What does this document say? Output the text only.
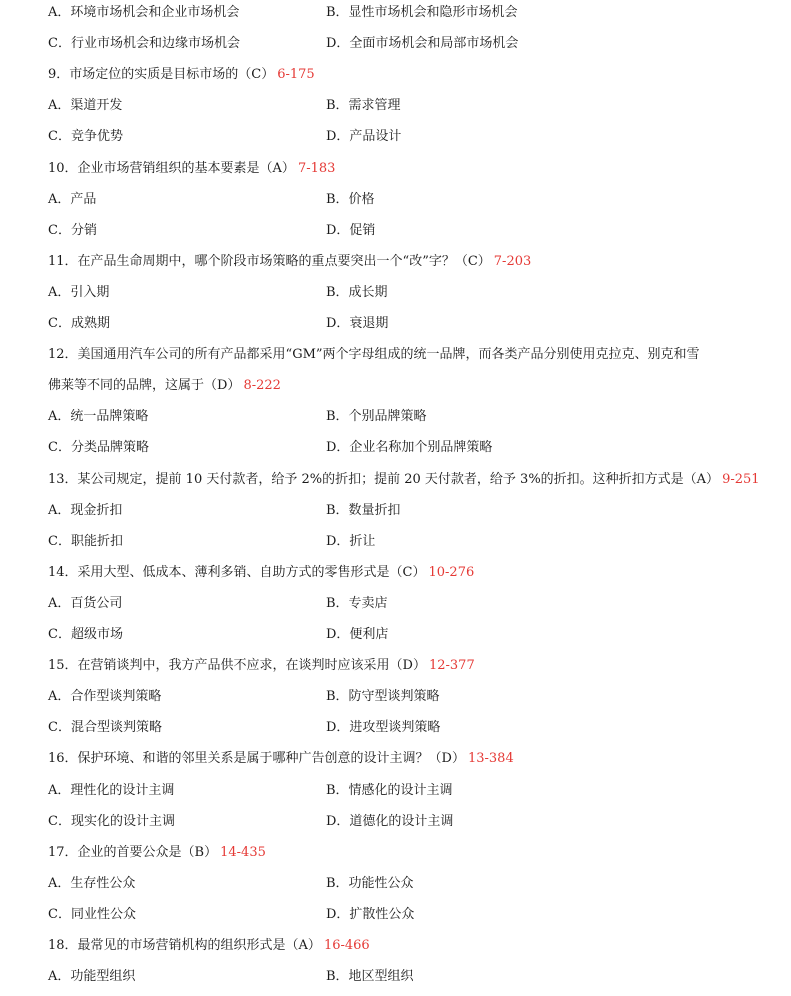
A．环境市场机会和企业市场机会	B．显性市场机会和隐形市场机会
C．行业市场机会和边缘市场机会	D．全面市场机会和局部市场机会
9．市场定位的实质是目标市场的（C） 6-175
A．渠道开发	B．需求管理
C．竞争优势	D．产品设计
10．企业市场营销组织的基本要素是（A） 7-183
A．产品	B．价格
C．分销	D．促销
11．在产品生命周期中，哪个阶段市场策略的重点要突出一个“改”字？（C） 7-203
A．引入期	B．成长期
C．成熟期	D．衰退期
12．美国通用汽车公司的所有产品都采用“GM”两个字母组成的统一品牌，而各类产品分别使用克拉克、别克和雪
佛莱等不同的品牌，这属于（D） 8-222
A．统一品牌策略	B．个别品牌策略
C．分类品牌策略	D．企业名称加个别品牌策略
13．某公司规定，提前 10 天付款者，给予 2%的折扣；提前 20 天付款者，给予 3%的折扣。这种折扣方式是（A） 9-251
A．现金折扣	B．数量折扣
C．职能折扣	D．折让
14．采用大型、低成本、薄利多销、自助方式的零售形式是（C） 10-276
A．百货公司	B．专卖店
C．超级市场	D．便利店
15．在营销谈判中，我方产品供不应求，在谈判时应该采用（D） 12-377
A．合作型谈判策略	B．防守型谈判策略
C．混合型谈判策略	D．进攻型谈判策略
16．保护环境、和谐的邻里关系是属于哪种广告创意的设计主调？（D） 13-384
A．理性化的设计主调	B．情感化的设计主调
C．现实化的设计主调	D．道德化的设计主调
17．企业的首要公众是（B） 14-435
A．生存性公众	B．功能性公众
C．同业性公众	D．扩散性公众
18．最常见的市场营销机构的组织形式是（A） 16-466
A．功能型组织	B．地区型组织
